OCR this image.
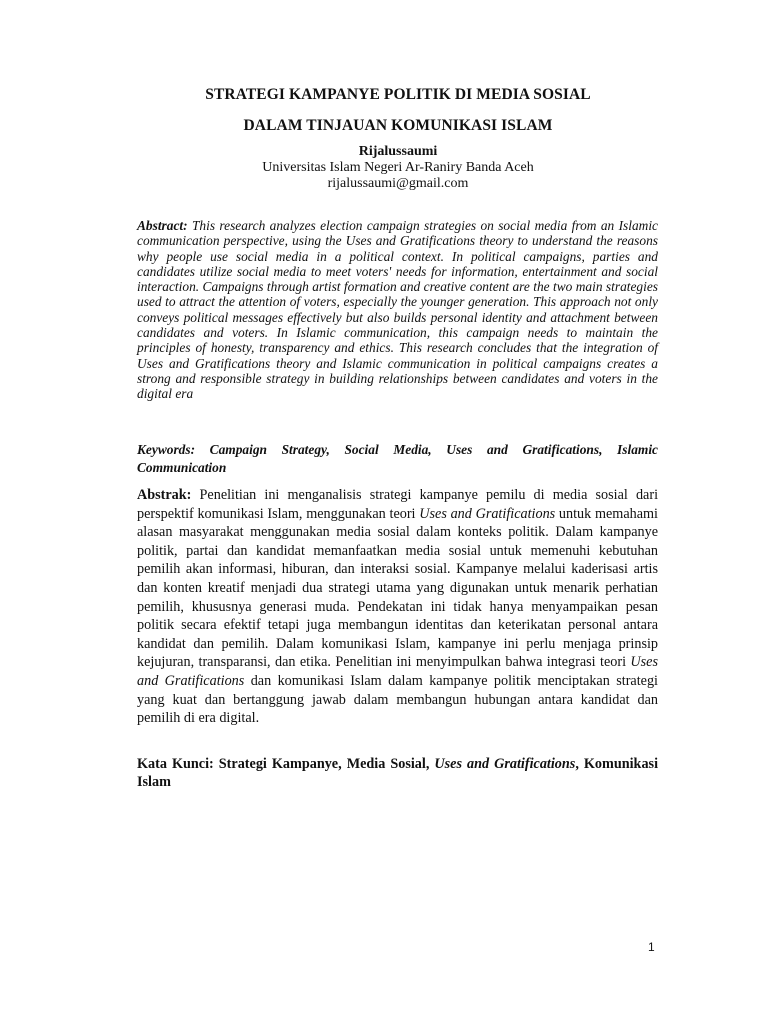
STRATEGI KAMPANYE POLITIK DI MEDIA SOSIAL
DALAM TINJAUAN KOMUNIKASI ISLAM
Rijalussaumi
Universitas Islam Negeri Ar-Raniry Banda Aceh
rijalussaumi@gmail.com
Abstract: This research analyzes election campaign strategies on social media from an Islamic communication perspective, using the Uses and Gratifications theory to understand the reasons why people use social media in a political context. In political campaigns, parties and candidates utilize social media to meet voters' needs for information, entertainment and social interaction. Campaigns through artist formation and creative content are the two main strategies used to attract the attention of voters, especially the younger generation. This approach not only conveys political messages effectively but also builds personal identity and attachment between candidates and voters. In Islamic communication, this campaign needs to maintain the principles of honesty, transparency and ethics. This research concludes that the integration of Uses and Gratifications theory and Islamic communication in political campaigns creates a strong and responsible strategy in building relationships between candidates and voters in the digital era
Keywords: Campaign Strategy, Social Media, Uses and Gratifications, Islamic Communication
Abstrak: Penelitian ini menganalisis strategi kampanye pemilu di media sosial dari perspektif komunikasi Islam, menggunakan teori Uses and Gratifications untuk memahami alasan masyarakat menggunakan media sosial dalam konteks politik. Dalam kampanye politik, partai dan kandidat memanfaatkan media sosial untuk memenuhi kebutuhan pemilih akan informasi, hiburan, dan interaksi sosial. Kampanye melalui kaderisasi artis dan konten kreatif menjadi dua strategi utama yang digunakan untuk menarik perhatian pemilih, khususnya generasi muda. Pendekatan ini tidak hanya menyampaikan pesan politik secara efektif tetapi juga membangun identitas dan keterikatan personal antara kandidat dan pemilih. Dalam komunikasi Islam, kampanye ini perlu menjaga prinsip kejujuran, transparansi, dan etika. Penelitian ini menyimpulkan bahwa integrasi teori Uses and Gratifications dan komunikasi Islam dalam kampanye politik menciptakan strategi yang kuat dan bertanggung jawab dalam membangun hubungan antara kandidat dan pemilih di era digital.
Kata Kunci: Strategi Kampanye, Media Sosial, Uses and Gratifications, Komunikasi Islam
1
